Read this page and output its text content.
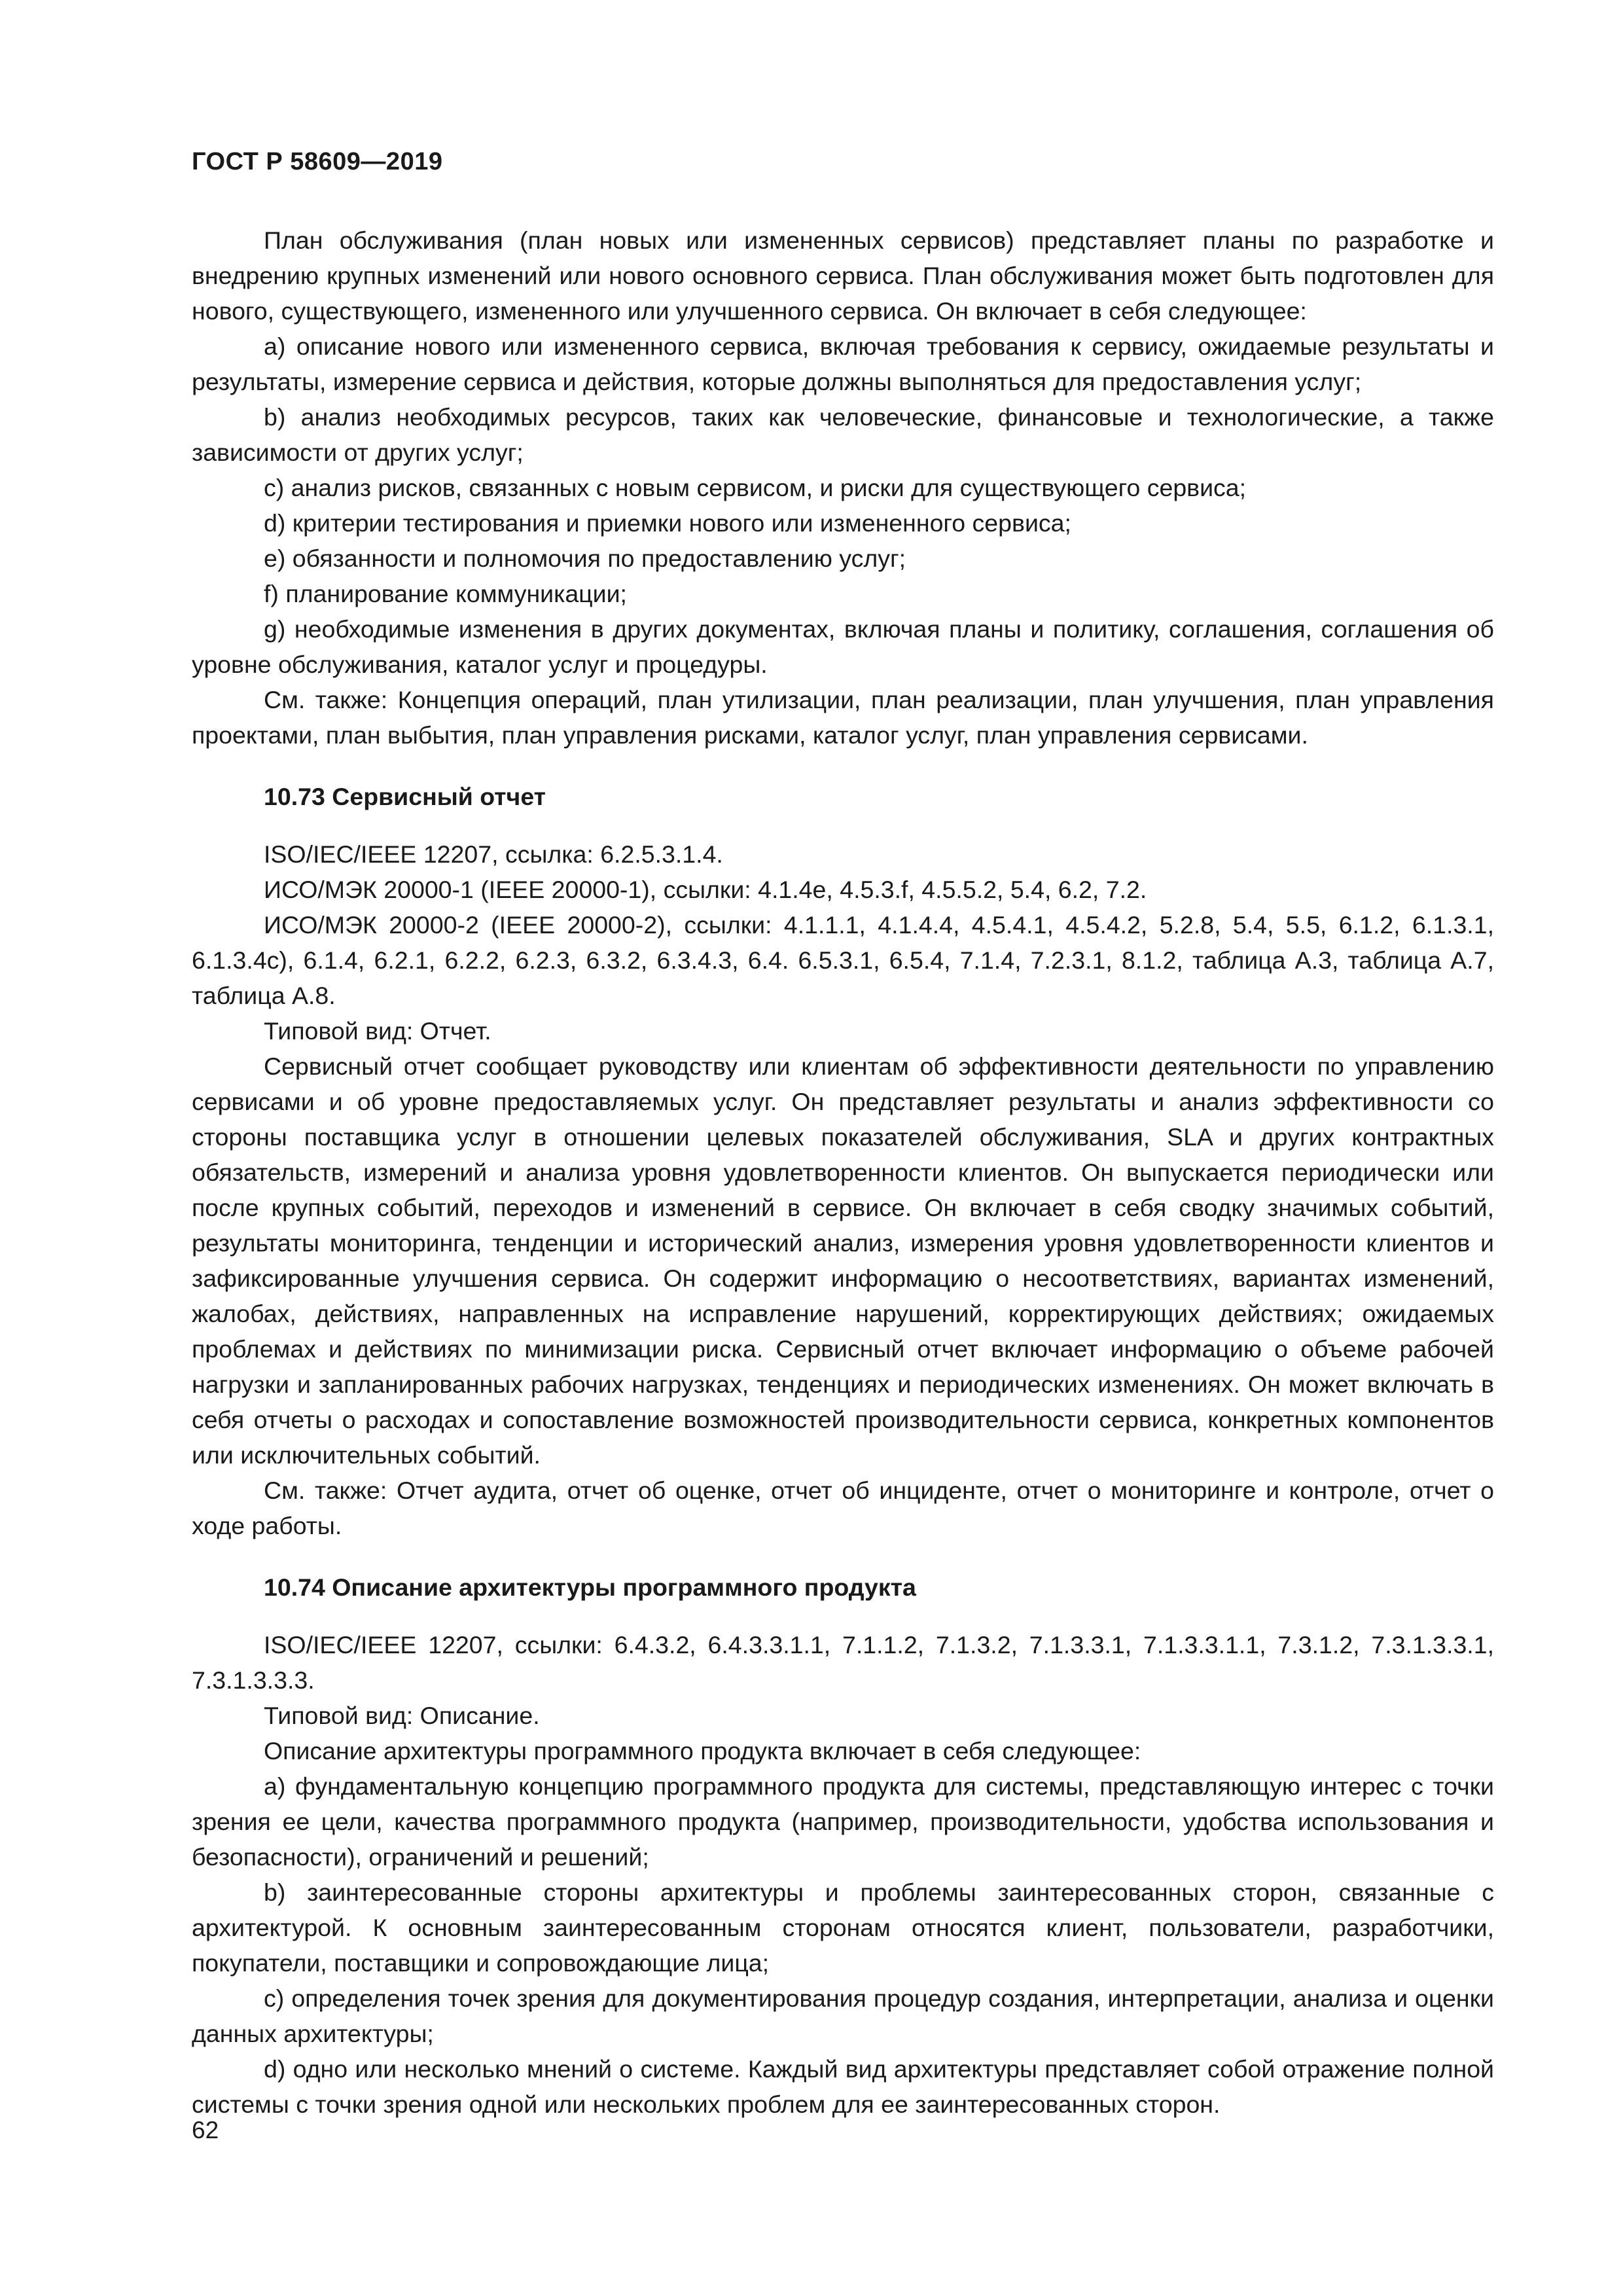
ГОСТ Р 58609—2019

План обслуживания (план новых или измененных сервисов) представляет планы по разработке и внедрению крупных изменений или нового основного сервиса. План обслуживания может быть подготовлен для нового, существующего, измененного или улучшенного сервиса. Он включает в себя следующее:

a) описание нового или измененного сервиса, включая требования к сервису, ожидаемые результаты и результаты, измерение сервиса и действия, которые должны выполняться для предоставления услуг;

b) анализ необходимых ресурсов, таких как человеческие, финансовые и технологические, а также зависимости от других услуг;

c) анализ рисков, связанных с новым сервисом, и риски для существующего сервиса;

d) критерии тестирования и приемки нового или измененного сервиса;

e) обязанности и полномочия по предоставлению услуг;

f) планирование коммуникации;

g) необходимые изменения в других документах, включая планы и политику, соглашения, соглашения об уровне обслуживания, каталог услуг и процедуры.

См. также: Концепция операций, план утилизации, план реализации, план улучшения, план управления проектами, план выбытия, план управления рисками, каталог услуг, план управления сервисами.

10.73 Сервисный отчет

ISO/IEC/IEEE 12207, ссылка: 6.2.5.3.1.4.

ИСО/МЭК 20000-1 (IEEE 20000-1), ссылки: 4.1.4e, 4.5.3.f, 4.5.5.2, 5.4, 6.2, 7.2.

ИСО/МЭК 20000-2 (IEEE 20000-2), ссылки: 4.1.1.1, 4.1.4.4, 4.5.4.1, 4.5.4.2, 5.2.8, 5.4, 5.5, 6.1.2, 6.1.3.1, 6.1.3.4c), 6.1.4, 6.2.1, 6.2.2, 6.2.3, 6.3.2, 6.3.4.3, 6.4. 6.5.3.1, 6.5.4, 7.1.4, 7.2.3.1, 8.1.2, таблица А.3, таблица А.7, таблица А.8.

Типовой вид: Отчет.

Сервисный отчет сообщает руководству или клиентам об эффективности деятельности по управлению сервисами и об уровне предоставляемых услуг. Он представляет результаты и анализ эффективности со стороны поставщика услуг в отношении целевых показателей обслуживания, SLA и других контрактных обязательств, измерений и анализа уровня удовлетворенности клиентов. Он выпускается периодически или после крупных событий, переходов и изменений в сервисе. Он включает в себя сводку значимых событий, результаты мониторинга, тенденции и исторический анализ, измерения уровня удовлетворенности клиентов и зафиксированные улучшения сервиса. Он содержит информацию о несоответствиях, вариантах изменений, жалобах, действиях, направленных на исправление нарушений, корректирующих действиях; ожидаемых проблемах и действиях по минимизации риска. Сервисный отчет включает информацию о объеме рабочей нагрузки и запланированных рабочих нагрузках, тенденциях и периодических изменениях. Он может включать в себя отчеты о расходах и сопоставление возможностей производительности сервиса, конкретных компонентов или исключительных событий.

См. также: Отчет аудита, отчет об оценке, отчет об инциденте, отчет о мониторинге и контроле, отчет о ходе работы.

10.74 Описание архитектуры программного продукта

ISO/IEC/IEEE 12207, ссылки: 6.4.3.2, 6.4.3.3.1.1, 7.1.1.2, 7.1.3.2, 7.1.3.3.1, 7.1.3.3.1.1, 7.3.1.2, 7.3.1.3.3.1, 7.3.1.3.3.3.

Типовой вид: Описание.

Описание архитектуры программного продукта включает в себя следующее:

a) фундаментальную концепцию программного продукта для системы, представляющую интерес с точки зрения ее цели, качества программного продукта (например, производительности, удобства использования и безопасности), ограничений и решений;

b) заинтересованные стороны архитектуры и проблемы заинтересованных сторон, связанные с архитектурой. К основным заинтересованным сторонам относятся клиент, пользователи, разработчики, покупатели, поставщики и сопровождающие лица;

c) определения точек зрения для документирования процедур создания, интерпретации, анализа и оценки данных архитектуры;

d) одно или несколько мнений о системе. Каждый вид архитектуры представляет собой отражение полной системы с точки зрения одной или нескольких проблем для ее заинтересованных сторон.

62
